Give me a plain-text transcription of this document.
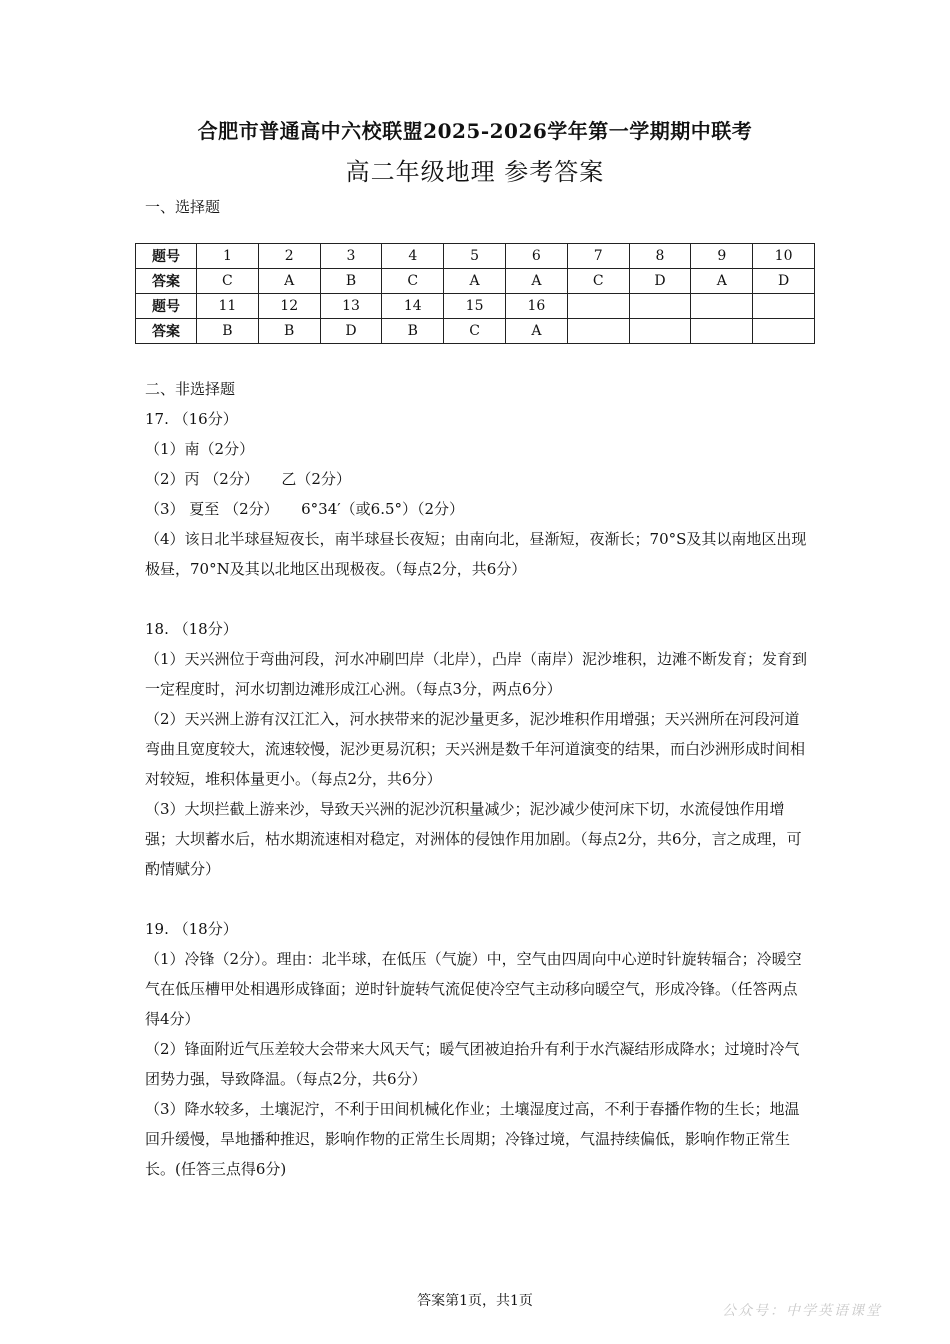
合肥市普通高中六校联盟2025-2026学年第一学期期中联考
高二年级地理 参考答案
一、选择题
题号	1	2	3	4	5	6	7	8	9	10
答案	C	A	B	C	A	A	C	D	A	D
题号	11	12	13	14	15	16				
答案	B	B	D	B	C	A				

二、非选择题

17. （16分）

（1）南（2分）

（2）丙 （2分）　　乙（2分）

（3） 夏至 （2分）　　6°34′（或6.5°）（2分）

（4）该日北半球昼短夜长，南半球昼长夜短；由南向北，昼渐短，夜渐长；70°S及其以南地区出现极昼，70°N及其以北地区出现极夜。（每点2分，共6分）

18. （18分）

（1）天兴洲位于弯曲河段，河水冲刷凹岸（北岸），凸岸（南岸）泥沙堆积，边滩不断发育；发育到一定程度时，河水切割边滩形成江心洲。（每点3分，两点6分）

（2）天兴洲上游有汉江汇入，河水挟带来的泥沙量更多，泥沙堆积作用增强；天兴洲所在河段河道弯曲且宽度较大，流速较慢，泥沙更易沉积；天兴洲是数千年河道演变的结果，而白沙洲形成时间相对较短，堆积体量更小。（每点2分，共6分）

（3）大坝拦截上游来沙，导致天兴洲的泥沙沉积量减少；泥沙减少使河床下切，水流侵蚀作用增强；大坝蓄水后，枯水期流速相对稳定，对洲体的侵蚀作用加剧。（每点2分，共6分，言之成理，可酌情赋分）

19. （18分）

（1）冷锋（2分）。理由：北半球，在低压（气旋）中，空气由四周向中心逆时针旋转辐合；冷暖空气在低压槽甲处相遇形成锋面；逆时针旋转气流促使冷空气主动移向暖空气，形成冷锋。（任答两点得4分）

（2）锋面附近气压差较大会带来大风天气；暖气团被迫抬升有利于水汽凝结形成降水；过境时冷气团势力强，导致降温。（每点2分，共6分）

（3）降水较多，土壤泥泞，不利于田间机械化作业；土壤湿度过高，不利于春播作物的生长；地温回升缓慢，旱地播种推迟，影响作物的正常生长周期；冷锋过境，气温持续偏低，影响作物正常生长。(任答三点得6分)

答案第1页，共1页
公众号：中学英语课堂
